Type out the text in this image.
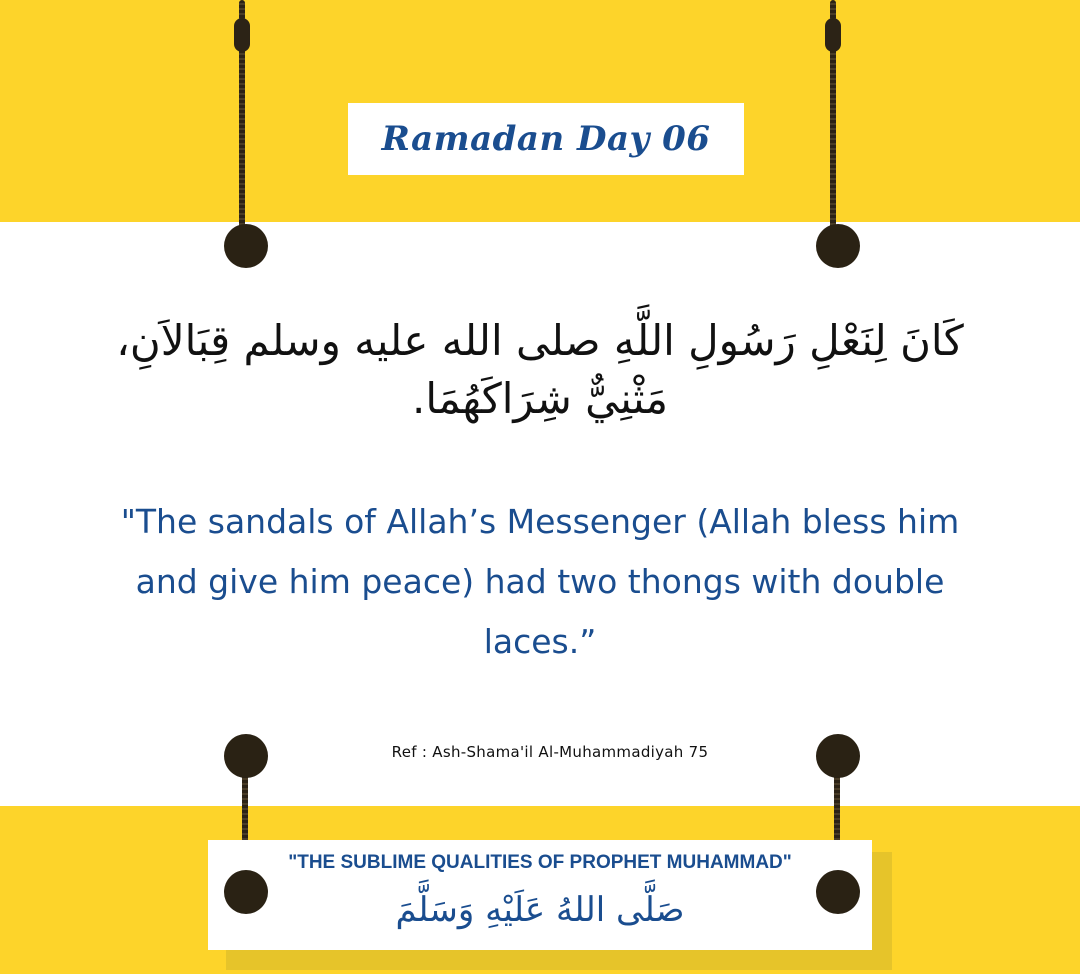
Ramadan Day 06
كَانَ لِنَعْلِ رَسُولِ اللَّهِ صلى الله عليه وسلم قِبَالاَنِ،
مَثْنِيٌّ شِرَاكَهُمَا.
"The sandals of Allah’s Messenger (Allah bless him
and give him peace) had two thongs with double
laces.”
Ref : Ash-Shama'il Al-Muhammadiyah 75
"THE SUBLIME QUALITIES OF PROPHET MUHAMMAD"
صَلَّى اللهُ عَلَيْهِ وَسَلَّمَ
